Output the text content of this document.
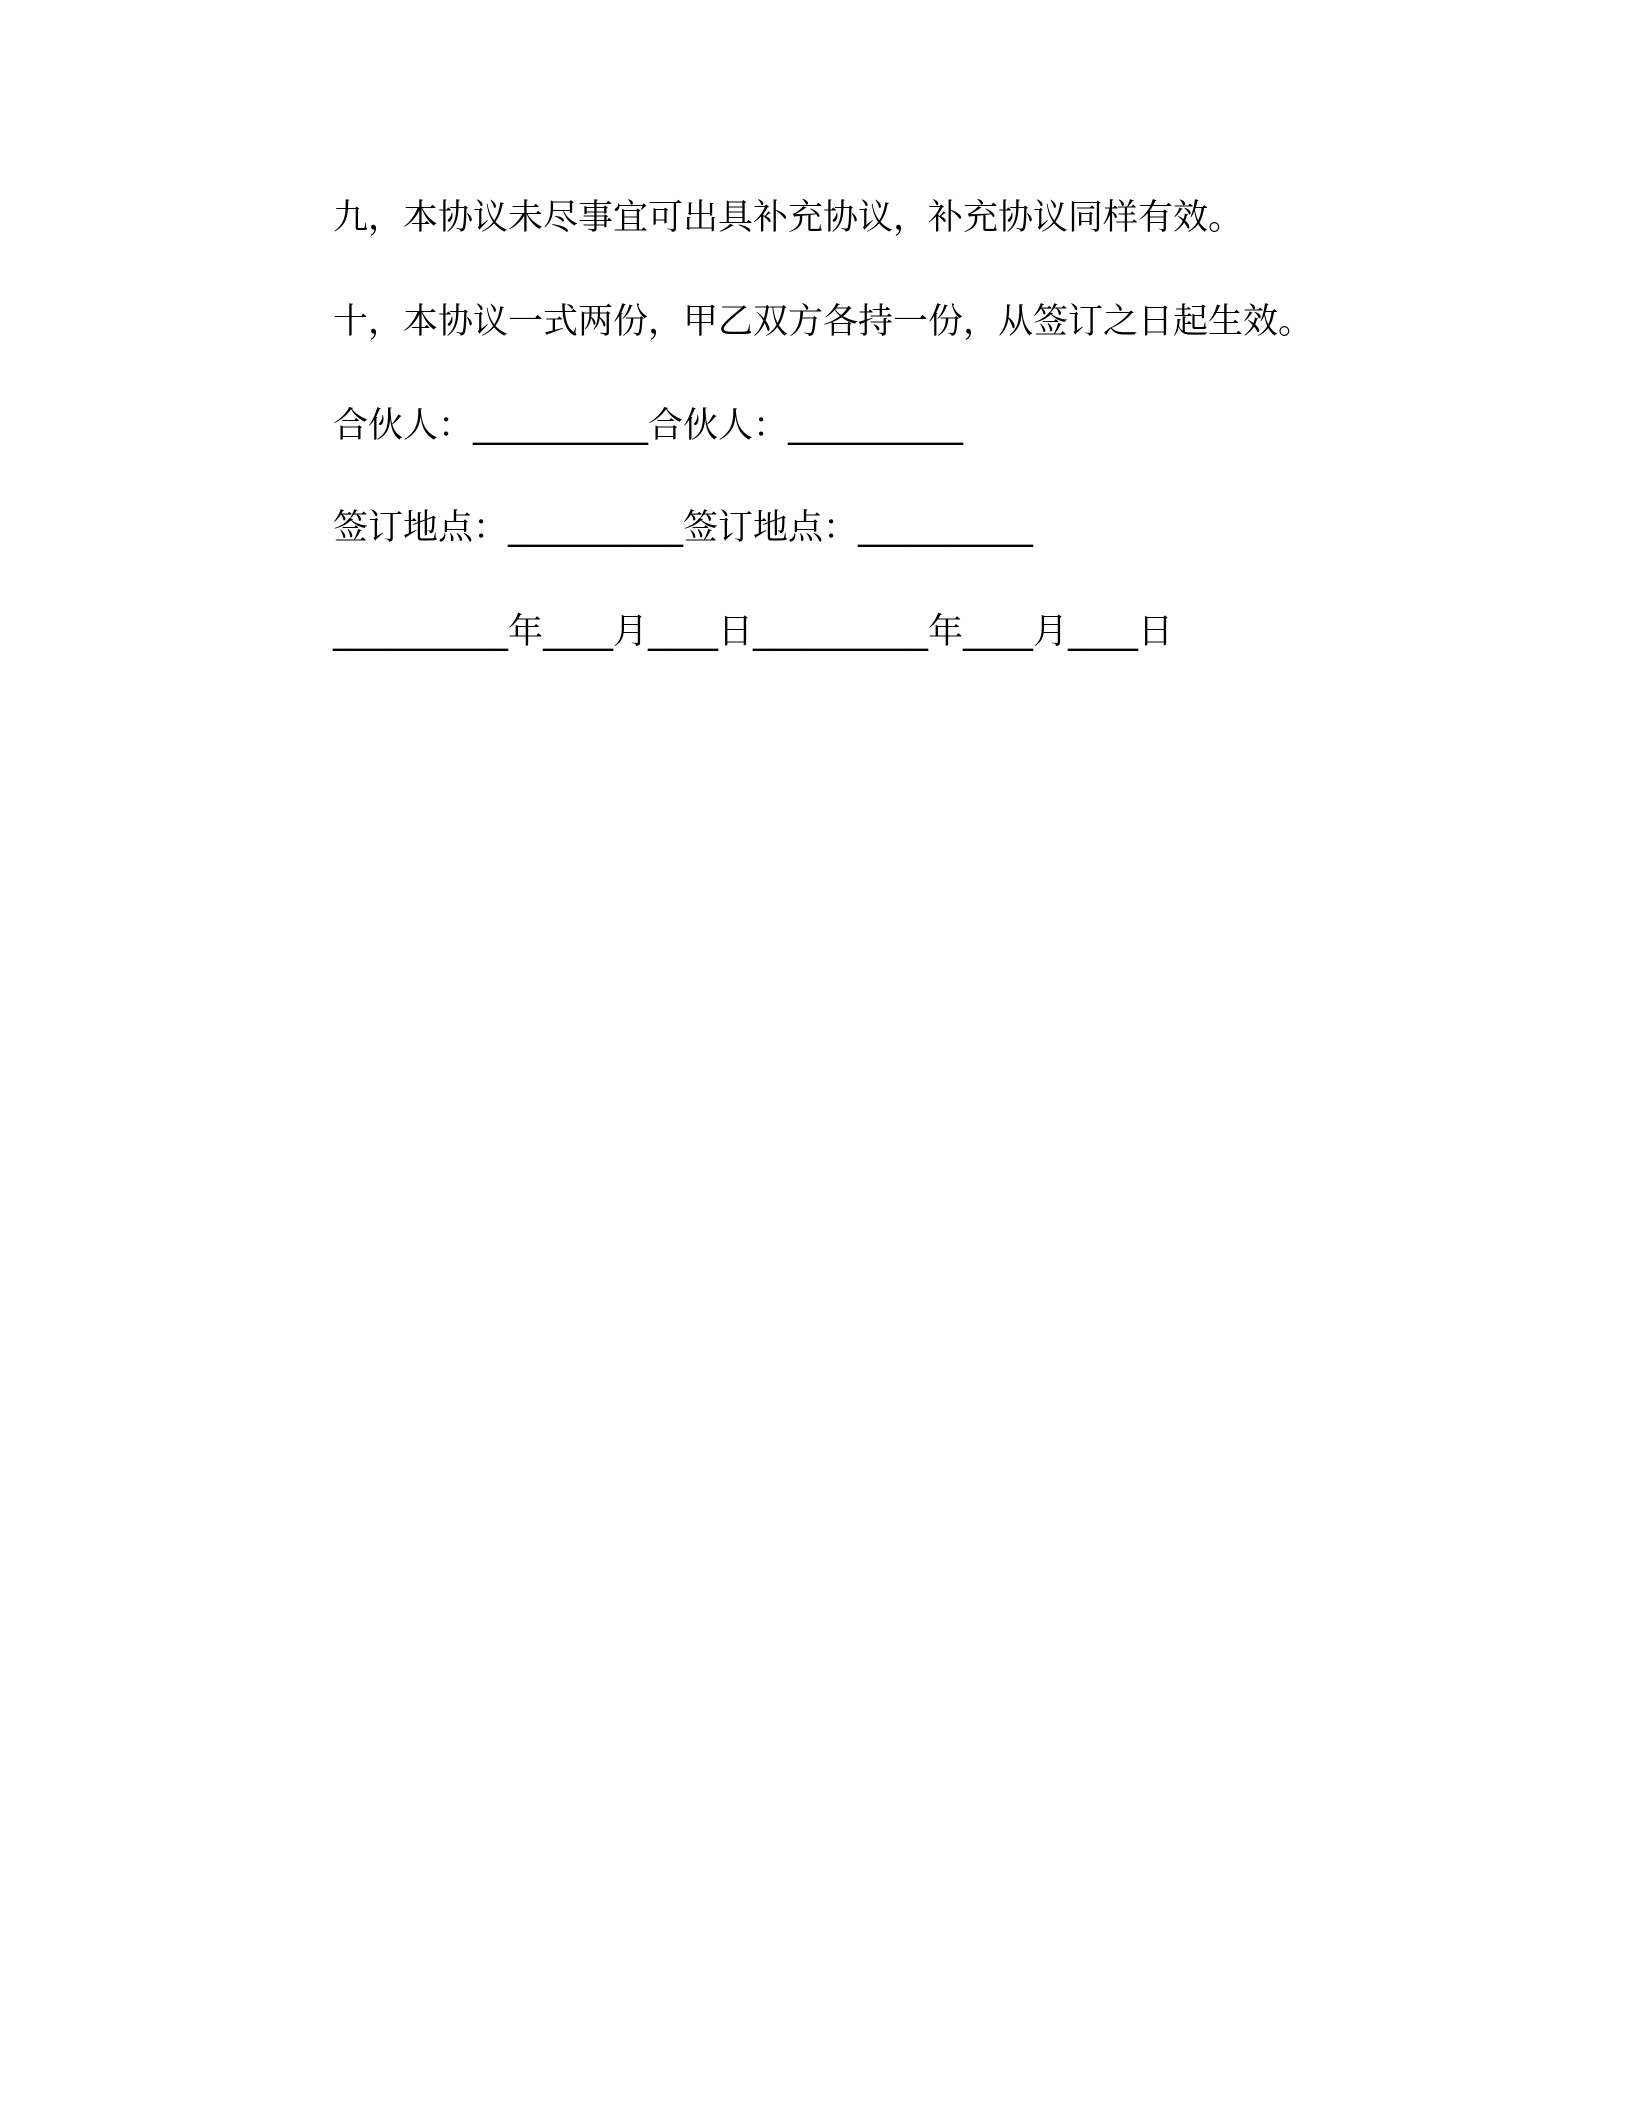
九，本协议未尽事宜可出具补充协议，补充协议同样有效。
十，本协议一式两份，甲乙双方各持一份，从签订之日起生效。
合伙人：__________合伙人：__________
签订地点：__________签订地点：__________
__________年____月____日__________年____月____日
